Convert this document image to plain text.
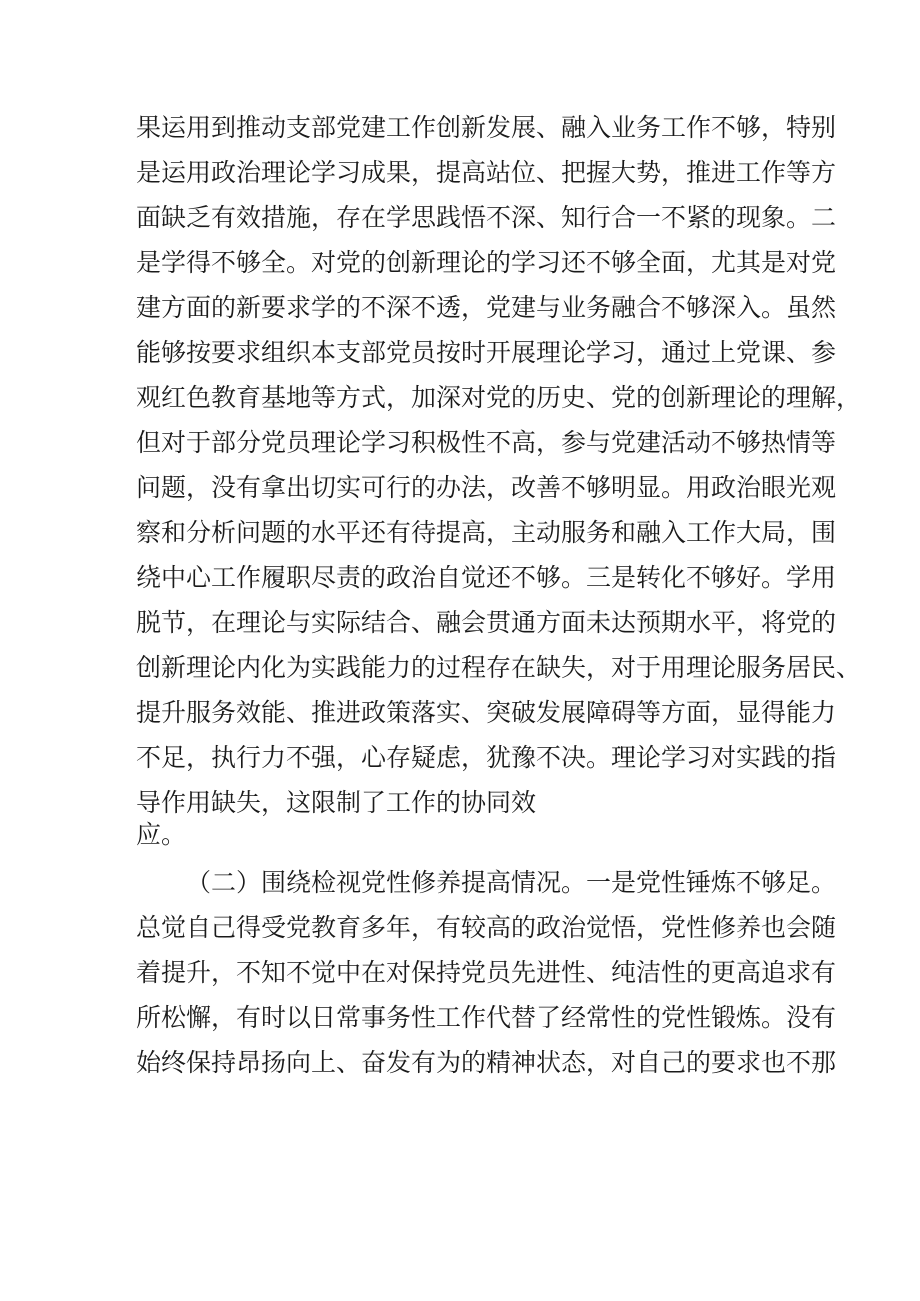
果运用到推动支部党建工作创新发展、融入业务工作不够，特别
是运用政治理论学习成果，提高站位、把握大势，推进工作等方
面缺乏有效措施，存在学思践悟不深、知行合一不紧的现象。二
是学得不够全。对党的创新理论的学习还不够全面，尤其是对党
建方面的新要求学的不深不透，党建与业务融合不够深入。虽然
能够按要求组织本支部党员按时开展理论学习，通过上党课、参
观红色教育基地等方式，加深对党的历史、党的创新理论的理解，
但对于部分党员理论学习积极性不高，参与党建活动不够热情等
问题，没有拿出切实可行的办法，改善不够明显。用政治眼光观
察和分析问题的水平还有待提高，主动服务和融入工作大局，围
绕中心工作履职尽责的政治自觉还不够。三是转化不够好。学用
脱节，在理论与实际结合、融会贯通方面未达预期水平，将党的
创新理论内化为实践能力的过程存在缺失，对于用理论服务居民、
提升服务效能、推进政策落实、突破发展障碍等方面，显得能力
不足，执行力不强，心存疑虑，犹豫不决。理论学习对实践的指
导作用缺失，这限制了工作的协同效
应。
（二）围绕检视党性修养提高情况。一是党性锤炼不够足。
总觉自己得受党教育多年，有较高的政治觉悟，党性修养也会随
着提升，不知不觉中在对保持党员先进性、纯洁性的更高追求有
所松懈，有时以日常事务性工作代替了经常性的党性锻炼。没有
始终保持昂扬向上、奋发有为的精神状态，对自己的要求也不那
